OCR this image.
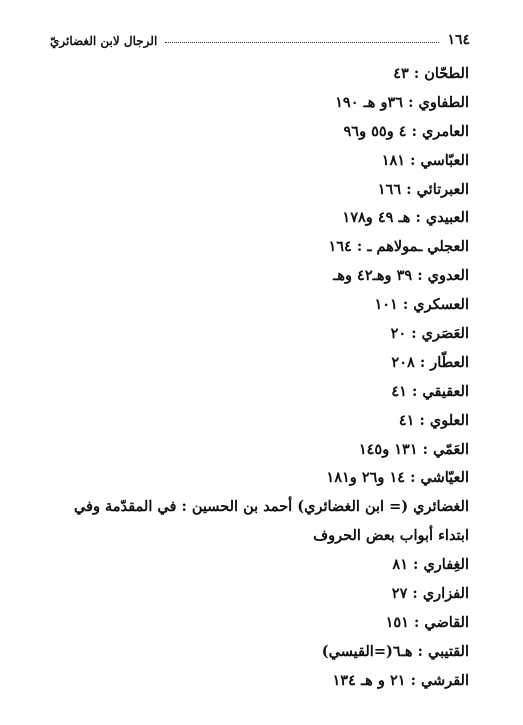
١٦٤
الرجال لابن الغضائريّ
الطحّان : ٤٣
الطفاوي : ٣٦و هـ ١٩٠
العامري : ٤ و٥٥ و٩٦
العبّاسي : ١٨١
العبرتائي : ١٦٦
العبيدي : هـ ٤٩ و١٧٨
العجلي ـمولاهم ـ : ١٦٤
العدوي : ٣٩ وهـ٤٢ وهـ
العسكري : ١٠١
العَصَري : ٢٠
العطّار : ٢٠٨
العقيقي : ٤١
العلوي : ٤١
العَمّي : ١٣١ و١٤٥
العيّاشي : ١٤ و٢٦ و١٨١
الغضائري (= ابن الغضائري) أحمد بن الحسين : في المقدّمة وفي ابتداء أبواب بعض الحروف
الغِفاري : ٨١
الفزاري : ٢٧
القاضي : ١٥١
القتيبي : هـ٦(=القيسي)
القرشي : ٢١ و هـ ١٣٤
